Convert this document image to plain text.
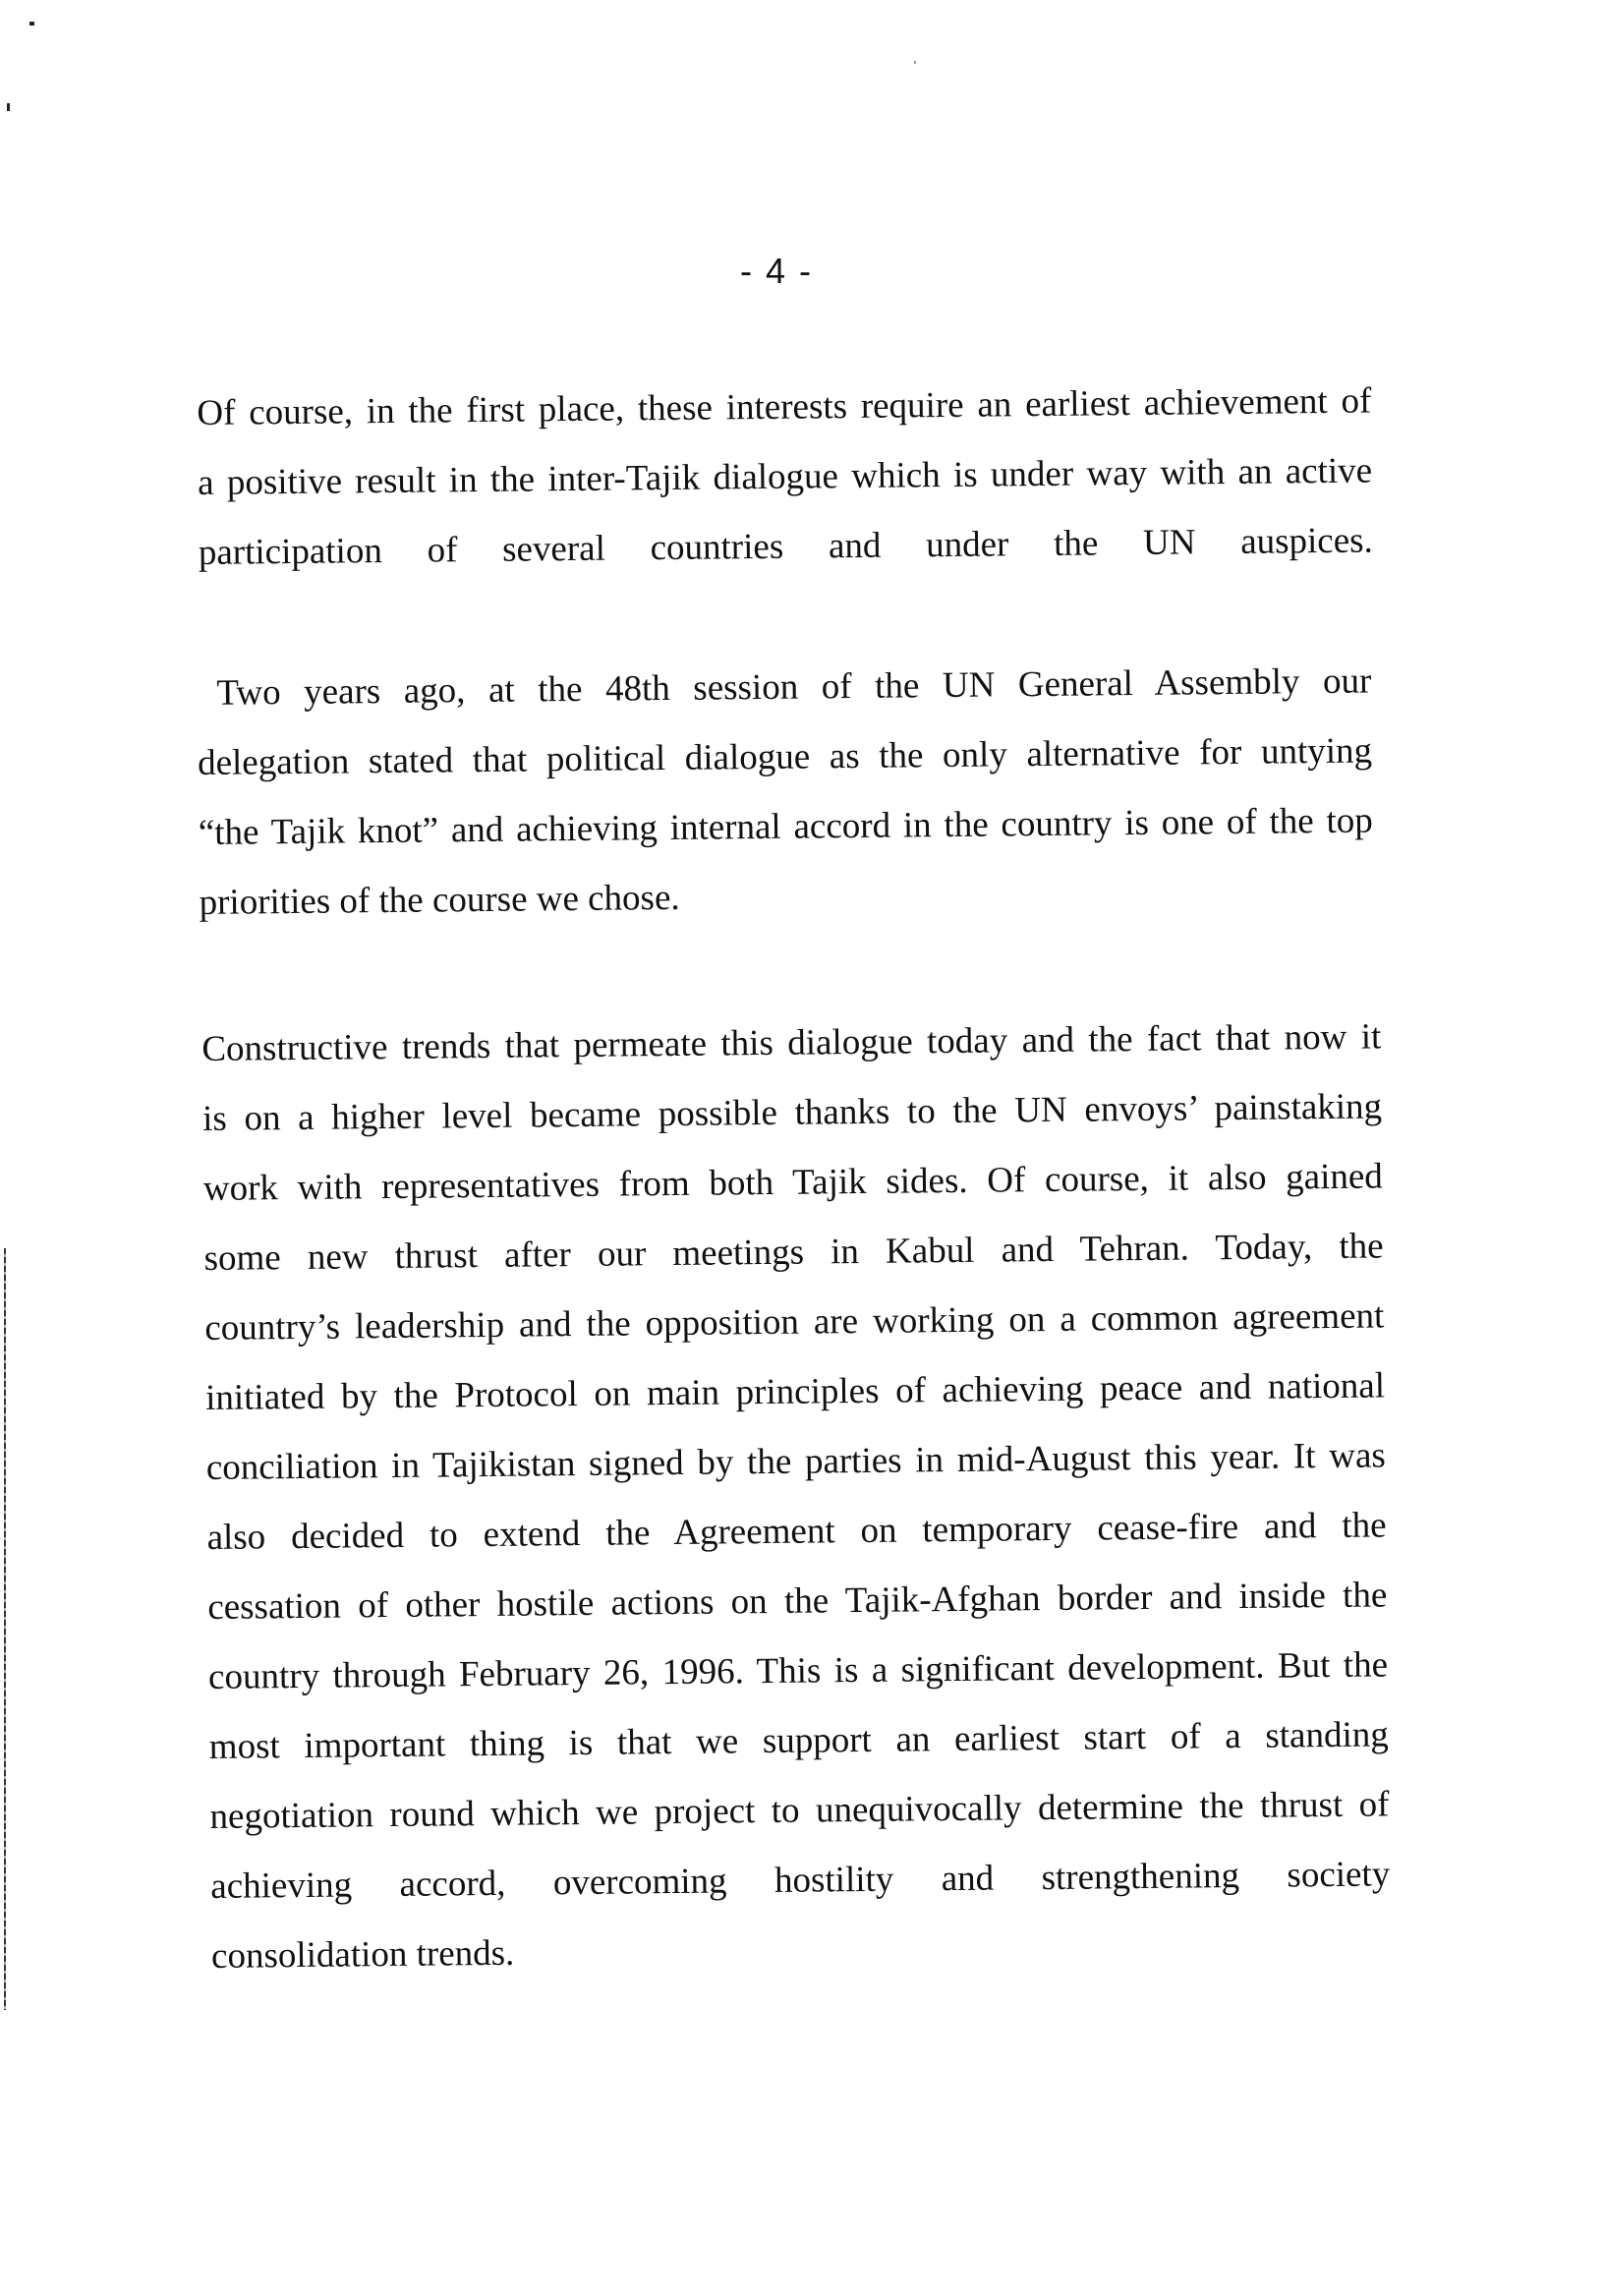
- 4 -
Of course, in the first place, these interests require an earliest achievement of
a positive result in the inter-Tajik dialogue which is under way with an active
participation of several countries and under the UN auspices.
Two years ago, at the 48th session of the UN General Assembly our
delegation stated that political dialogue as the only alternative for untying
“the Tajik knot” and achieving internal accord in the country is one of the top
priorities of the course we chose.
Constructive trends that permeate this dialogue today and the fact that now it
is on a higher level became possible thanks to the UN envoys’ painstaking
work with representatives from both Tajik sides. Of course, it also gained
some new thrust after our meetings in Kabul and Tehran. Today, the
country’s leadership and the opposition are working on a common agreement
initiated by the Protocol on main principles of achieving peace and national
conciliation in Tajikistan signed by the parties in mid-August this year. It was
also decided to extend the Agreement on temporary cease-fire and the
cessation of other hostile actions on the Tajik-Afghan border and inside the
country through February 26, 1996. This is a significant development. But the
most important thing is that we support an earliest start of a standing
negotiation round which we project to unequivocally determine the thrust of
achieving accord, overcoming hostility and strengthening society
consolidation trends.
